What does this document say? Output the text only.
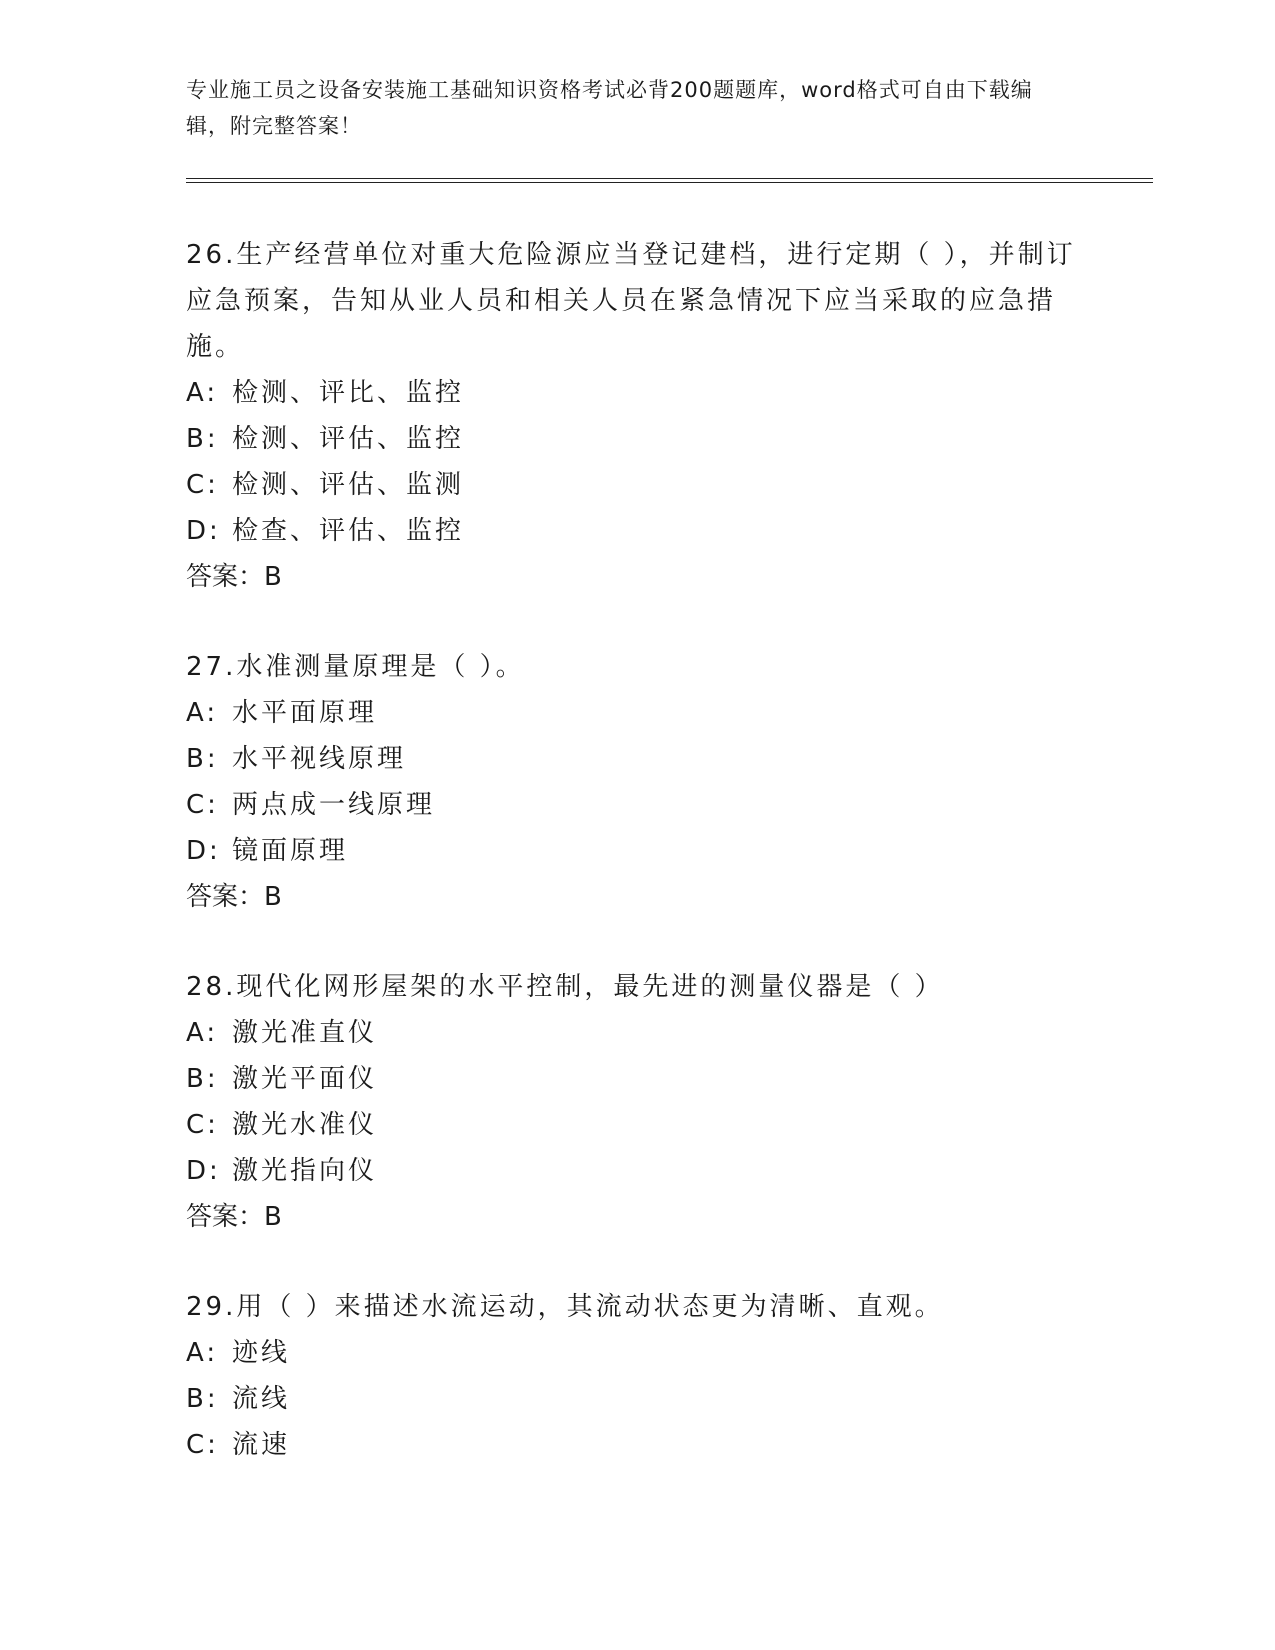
专业施工员之设备安装施工基础知识资格考试必背200题题库，word格式可自由下载编辑，附完整答案！

26.生产经营单位对重大危险源应当登记建档，进行定期（ ），并制订应急预案，告知从业人员和相关人员在紧急情况下应当采取的应急措施。

A: 检测、评比、监控

B: 检测、评估、监控

C: 检测、评估、监测

D: 检查、评估、监控

答案：B

27.水准测量原理是（ ）。

A: 水平面原理

B: 水平视线原理

C: 两点成一线原理

D: 镜面原理

答案：B

28.现代化网形屋架的水平控制，最先进的测量仪器是（ ）

A: 激光准直仪

B: 激光平面仪

C: 激光水准仪

D: 激光指向仪

答案：B

29.用（ ）来描述水流运动，其流动状态更为清晰、直观。

A: 迹线

B: 流线

C: 流速
